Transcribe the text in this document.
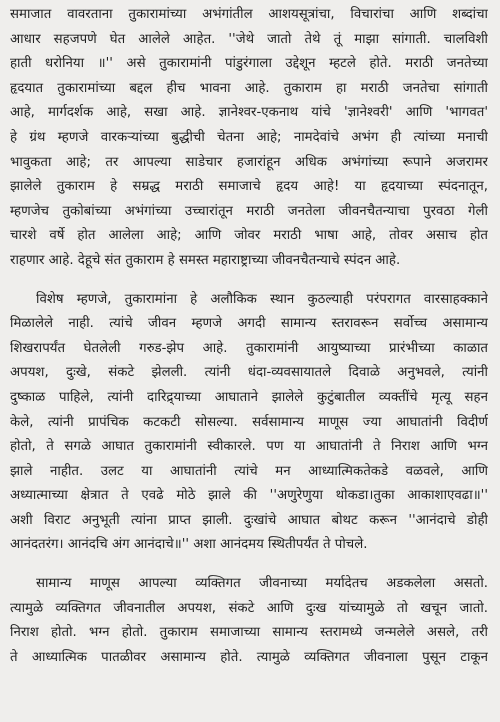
समाजात वावरताना तुकारामांच्या अभंगांतील आशयसूत्रांचा, विचारांचा आणि शब्दांचा
आधार सहजपणे घेत आलेले आहेत. ''जेथे जातो तेथे तूं माझा सांगाती. चालविशी
हाती धरोनिया ॥'' असे तुकारामांनी पांडुरंगाला उद्देशून म्हटले होते. मराठी जनतेच्या
हृदयात तुकारामांच्या बद्दल हीच भावना आहे. तुकाराम हा मराठी जनतेचा सांगाती
आहे, मार्गदर्शक आहे, सखा आहे. ज्ञानेश्वर-एकनाथ यांचे 'ज्ञानेश्वरी' आणि 'भागवत'
हे ग्रंथ म्हणजे वारकऱ्यांच्या बुद्धीची चेतना आहे; नामदेवांचे अभंग ही त्यांच्या मनाची
भावुकता आहे; तर आपल्या साडेचार हजारांहून अधिक अभंगांच्या रूपाने अजरामर
झालेले तुकाराम हे सम्रद्ध मराठी समाजाचे हृदय आहे! या हृदयाच्या स्पंदनातून,
म्हणजेच तुकोबांच्या अभंगांच्या उच्चारांतून मराठी जनतेला जीवनचैतन्याचा पुरवठा गेली
चारशे वर्षे होत आलेला आहे; आणि जोवर मराठी भाषा आहे, तोवर असाच होत
राहणार आहे. देहूचे संत तुकाराम हे समस्त महाराष्ट्राच्या जीवनचैतन्याचे स्पंदन आहे.
विशेष म्हणजे, तुकारामांना हे अलौकिक स्थान कुठल्याही परंपरागत वारसाहक्काने
मिळालेले नाही. त्यांचे जीवन म्हणजे अगदी सामान्य स्तरावरून सर्वोच्च असामान्य
शिखरापर्यंत घेतलेली गरुड-झेप आहे. तुकारामांनी आयुष्याच्या प्रारंभीच्या काळात
अपयश, दुःखे, संकटे झेलली. त्यांनी धंदा-व्यवसायातले दिवाळे अनुभवले, त्यांनी
दुष्काळ पाहिले, त्यांनी दारिद्र्याच्या आघाताने झालेले कुटुंबातील व्यक्तींचे मृत्यू सहन
केले, त्यांनी प्रापंचिक कटकटी सोसल्या. सर्वसामान्य माणूस ज्या आघातांनी विदीर्ण
होतो, ते सगळे आघात तुकारामांनी स्वीकारले. पण या आघातांनी ते निराश आणि भग्न
झाले नाहीत. उलट या आघातांनी त्यांचे मन आध्यात्मिकतेकडे वळवले, आणि
अध्यात्माच्या क्षेत्रात ते एवढे मोठे झाले की ''अणुरेणुया थोकडा।तुका आकाशाएवढा॥''
अशी विराट अनुभूती त्यांना प्राप्त झाली. दुःखांचे आघात बोथट करून ''आनंदाचे डोही
आनंदतरंग। आनंदचि अंग आनंदाचे॥'' अशा आनंदमय स्थितीपर्यंत ते पोचले.
सामान्य माणूस आपल्या व्यक्तिगत जीवनाच्या मर्यादेतच अडकलेला असतो.
त्यामुळे व्यक्तिगत जीवनातील अपयश, संकटे आणि दुःख यांच्यामुळे तो खचून जातो.
निराश होतो. भग्न होतो. तुकाराम समाजाच्या सामान्य स्तरामध्ये जन्मलेले असले, तरी
ते आध्यात्मिक पातळीवर असामान्य होते. त्यामुळे व्यक्तिगत जीवनाला पुसून टाकून
